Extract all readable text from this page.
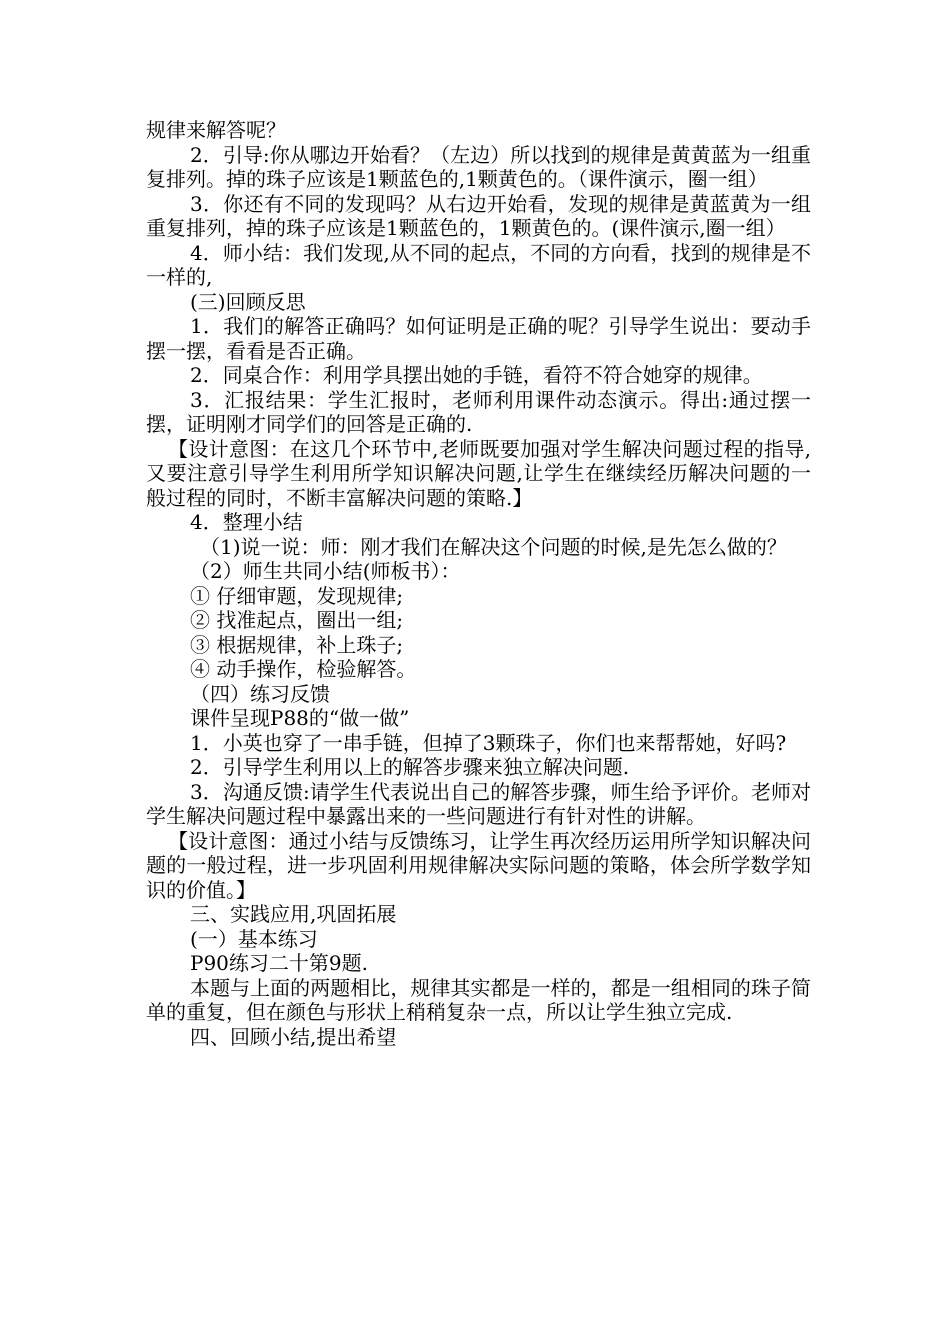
规律来解答呢？

2．引导:你从哪边开始看？（左边）所以找到的规律是黄黄蓝为一组重复排列。掉的珠子应该是1颗蓝色的,1颗黄色的。（课件演示，圈一组）

3．你还有不同的发现吗？从右边开始看，发现的规律是黄蓝黄为一组重复排列，掉的珠子应该是1颗蓝色的，1颗黄色的。(课件演示,圈一组）

4．师小结：我们发现,从不同的起点，不同的方向看，找到的规律是不一样的,

(三)回顾反思

1．我们的解答正确吗？如何证明是正确的呢？引导学生说出：要动手摆一摆，看看是否正确。

2．同桌合作：利用学具摆出她的手链，看符不符合她穿的规律。

3．汇报结果：学生汇报时，老师利用课件动态演示。得出:通过摆一摆，证明刚才同学们的回答是正确的.

【设计意图：在这几个环节中,老师既要加强对学生解决问题过程的指导,又要注意引导学生利用所学知识解决问题,让学生在继续经历解决问题的一般过程的同时，不断丰富解决问题的策略.】

4．整理小结

（1)说一说：师：刚才我们在解决这个问题的时候,是先怎么做的？

（2）师生共同小结(师板书）：

① 仔细审题，发现规律;

② 找准起点，圈出一组;

③ 根据规律，补上珠子;

④ 动手操作，检验解答。

（四）练习反馈

课件呈现P88的“做一做”

1．小英也穿了一串手链，但掉了3颗珠子，你们也来帮帮她，好吗?

2．引导学生利用以上的解答步骤来独立解决问题.

3．沟通反馈:请学生代表说出自己的解答步骤，师生给予评价。老师对学生解决问题过程中暴露出来的一些问题进行有针对性的讲解。

【设计意图：通过小结与反馈练习，让学生再次经历运用所学知识解决问题的一般过程，进一步巩固利用规律解决实际问题的策略，体会所学数学知识的价值。】

三、实践应用,巩固拓展

(一）基本练习

P90练习二十第9题.

本题与上面的两题相比，规律其实都是一样的，都是一组相同的珠子简单的重复，但在颜色与形状上稍稍复杂一点，所以让学生独立完成.

四、回顾小结,提出希望
